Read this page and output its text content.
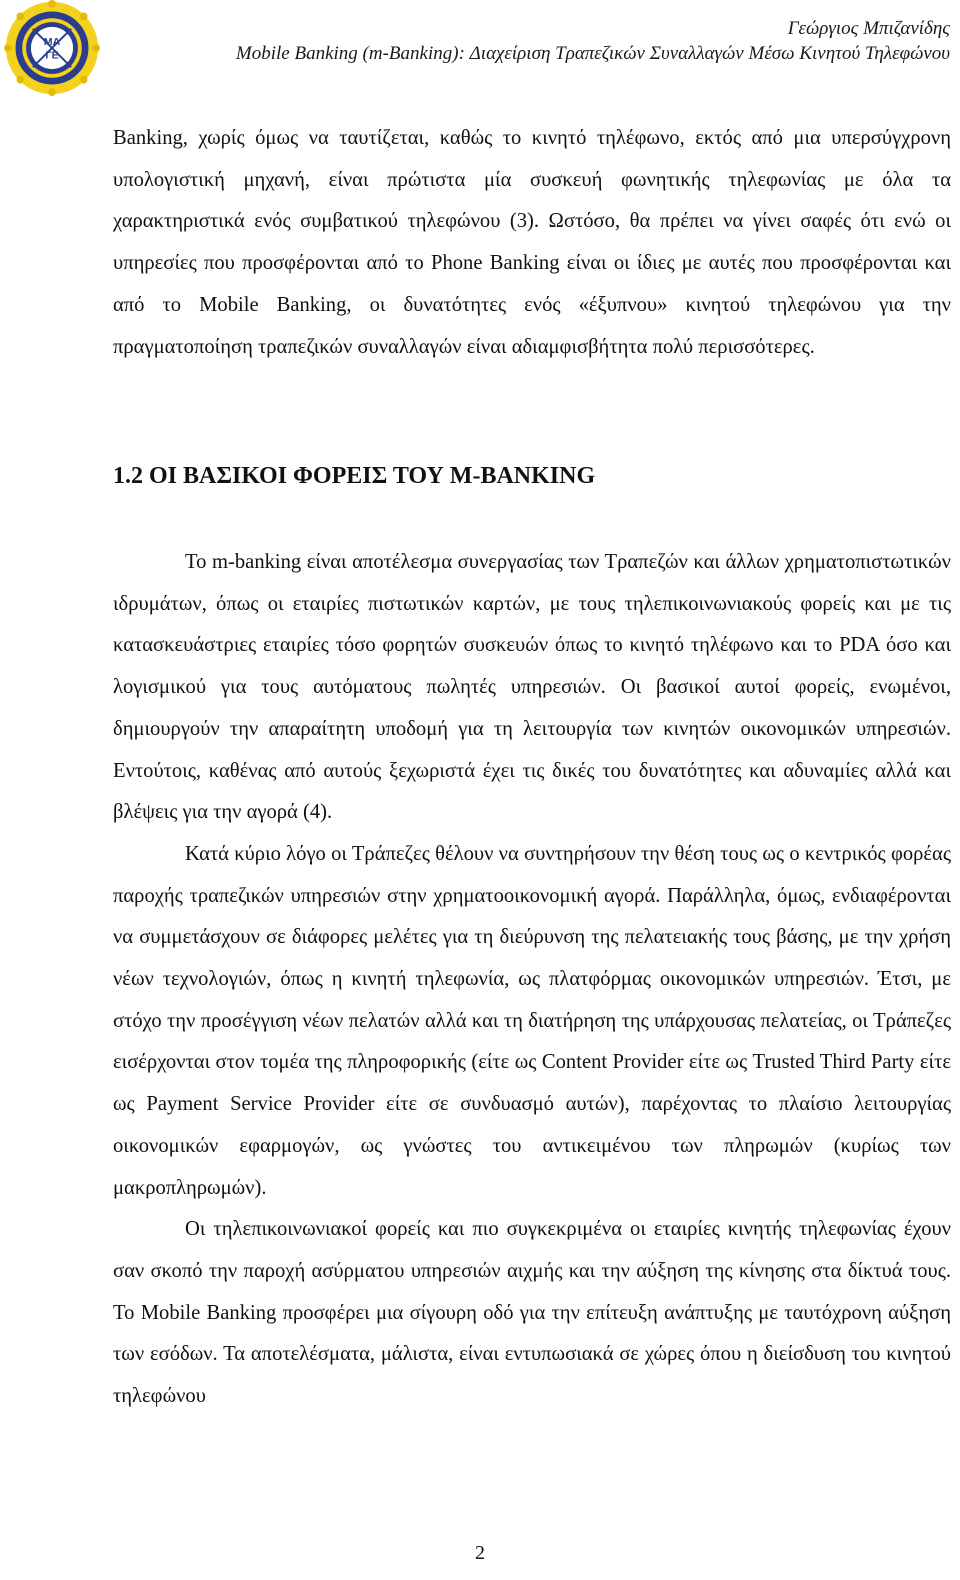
ΜΑ
ΓΕ
Γεώργιος Μπιζανίδης
Mobile Banking (m-Banking): Διαχείριση Τραπεζικών Συναλλαγών Μέσω Κινητού Τηλεφώνου

Banking, χωρίς όμως να ταυτίζεται, καθώς το κινητό τηλέφωνο, εκτός από μια υπερσύγχρονη υπολογιστική μηχανή, είναι πρώτιστα μία συσκευή φωνητικής τηλεφωνίας με όλα τα χαρακτηριστικά ενός συμβατικού τηλεφώνου (3). Ωστόσο, θα πρέπει να γίνει σαφές ότι ενώ οι υπηρεσίες που προσφέρονται από το Phone Banking είναι οι ίδιες με αυτές που προσφέρονται και από το Mobile Banking, οι δυνατότητες ενός «έξυπνου» κινητού τηλεφώνου για την πραγματοποίηση τραπεζικών συναλλαγών είναι αδιαμφισβήτητα πολύ περισσότερες.

1.2 ΟΙ ΒΑΣΙΚΟΙ ΦΟΡΕΙΣ ΤΟΥ M-BANKING

Το m-banking είναι αποτέλεσμα συνεργασίας των Τραπεζών και άλλων χρηματοπιστωτικών ιδρυμάτων, όπως οι εταιρίες πιστωτικών καρτών, με τους τηλεπικοινωνιακούς φορείς και με τις κατασκευάστριες εταιρίες τόσο φορητών συσκευών όπως το κινητό τηλέφωνο και το PDA όσο και λογισμικού για τους αυτόματους πωλητές υπηρεσιών. Οι βασικοί αυτοί φορείς, ενωμένοι, δημιουργούν την απαραίτητη υποδομή για τη λειτουργία των κινητών οικονομικών υπηρεσιών. Εντούτοις, καθένας από αυτούς ξεχωριστά έχει τις δικές του δυνατότητες και αδυναμίες αλλά και βλέψεις για την αγορά (4).

Κατά κύριο λόγο οι Τράπεζες θέλουν να συντηρήσουν την θέση τους ως ο κεντρικός φορέας παροχής τραπεζικών υπηρεσιών στην χρηματοοικονομική αγορά. Παράλληλα, όμως, ενδιαφέρονται να συμμετάσχουν σε διάφορες μελέτες για τη διεύρυνση της πελατειακής τους βάσης, με την χρήση νέων τεχνολογιών, όπως η κινητή τηλεφωνία, ως πλατφόρμας οικονομικών υπηρεσιών. Έτσι, με στόχο την προσέγγιση νέων πελατών αλλά και τη διατήρηση της υπάρχουσας πελατείας, οι Τράπεζες εισέρχονται στον τομέα της πληροφορικής (είτε ως Content Provider είτε ως Trusted Third Party είτε ως Payment Service Provider είτε σε συνδυασμό αυτών), παρέχοντας το πλαίσιο λειτουργίας οικονομικών εφαρμογών, ως γνώστες του αντικειμένου των πληρωμών (κυρίως των μακροπληρωμών).

Οι τηλεπικοινωνιακοί φορείς και πιο συγκεκριμένα οι εταιρίες κινητής τηλεφωνίας έχουν σαν σκοπό την παροχή ασύρματου υπηρεσιών αιχμής και την αύξηση της κίνησης στα δίκτυά τους. Το Mobile Banking προσφέρει μια σίγουρη οδό για την επίτευξη ανάπτυξης με ταυτόχρονη αύξηση των εσόδων. Τα αποτελέσματα, μάλιστα, είναι εντυπωσιακά σε χώρες όπου η διείσδυση του κινητού τηλεφώνου

2
